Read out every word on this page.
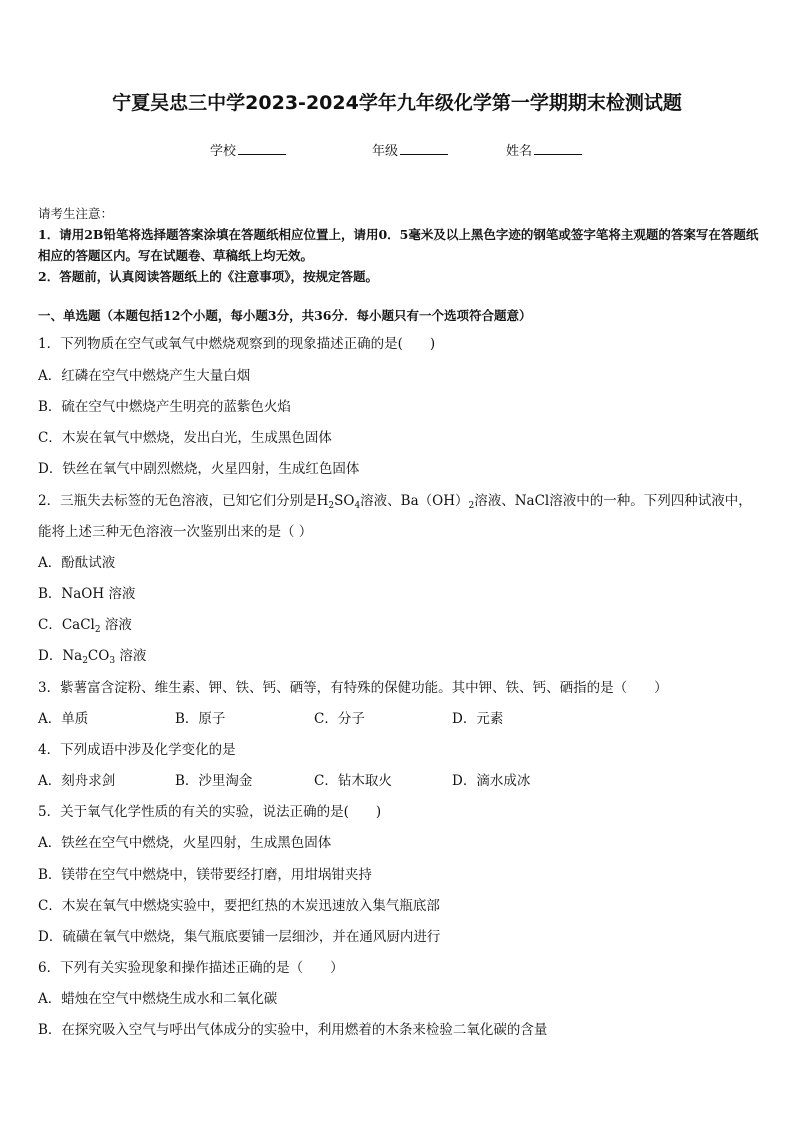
宁夏吴忠三中学2023-2024学年九年级化学第一学期期末检测试题
学校	年级	姓名
请考生注意：
1．请用2B铅笔将选择题答案涂填在答题纸相应位置上，请用0．5毫米及以上黑色字迹的钢笔或签字笔将主观题的答案写在答题纸相应的答题区内。写在试题卷、草稿纸上均无效。
2．答题前，认真阅读答题纸上的《注意事项》，按规定答题。
一、单选题（本题包括12个小题，每小题3分，共36分．每小题只有一个选项符合题意）
1．下列物质在空气或氧气中燃烧观察到的现象描述正确的是(　　)
A．红磷在空气中燃烧产生大量白烟
B．硫在空气中燃烧产生明亮的蓝紫色火焰
C．木炭在氧气中燃烧，发出白光，生成黑色固体
D．铁丝在氧气中剧烈燃烧，火星四射，生成红色固体
2．三瓶失去标签的无色溶液，已知它们分别是$H_2SO_4$溶液、$Ba(OH)_2$溶液、NaCl溶液中的一种。下列四种试液中，
能将上述三种无色溶液一次鉴别出来的是（ ）
A．酚酞试液
B．NaOH 溶液
C．CaCl$_2$ 溶液
D．$Na_2CO_3$ 溶液
3．紫薯富含淀粉、维生素、钾、铁、钙、硒等，有特殊的保健功能。其中钾、铁、钙、硒指的是（　　）
A．单质	B．原子	C．分子	D．元素
4．下列成语中涉及化学变化的是
A．刻舟求剑	B．沙里淘金	C．钻木取火	D．滴水成冰
5．关于氧气化学性质的有关的实验，说法正确的是(　　)
A．铁丝在空气中燃烧，火星四射，生成黑色固体
B．镁带在空气中燃烧中，镁带要经打磨，用坩埚钳夹持
C．木炭在氧气中燃烧实验中，要把红热的木炭迅速放入集气瓶底部
D．硫磺在氧气中燃烧，集气瓶底要铺一层细沙，并在通风厨内进行
6．下列有关实验现象和操作描述正确的是（　　）
A．蜡烛在空气中燃烧生成水和二氧化碳
B．在探究吸入空气与呼出气体成分的实验中，利用燃着的木条来检验二氧化碳的含量
